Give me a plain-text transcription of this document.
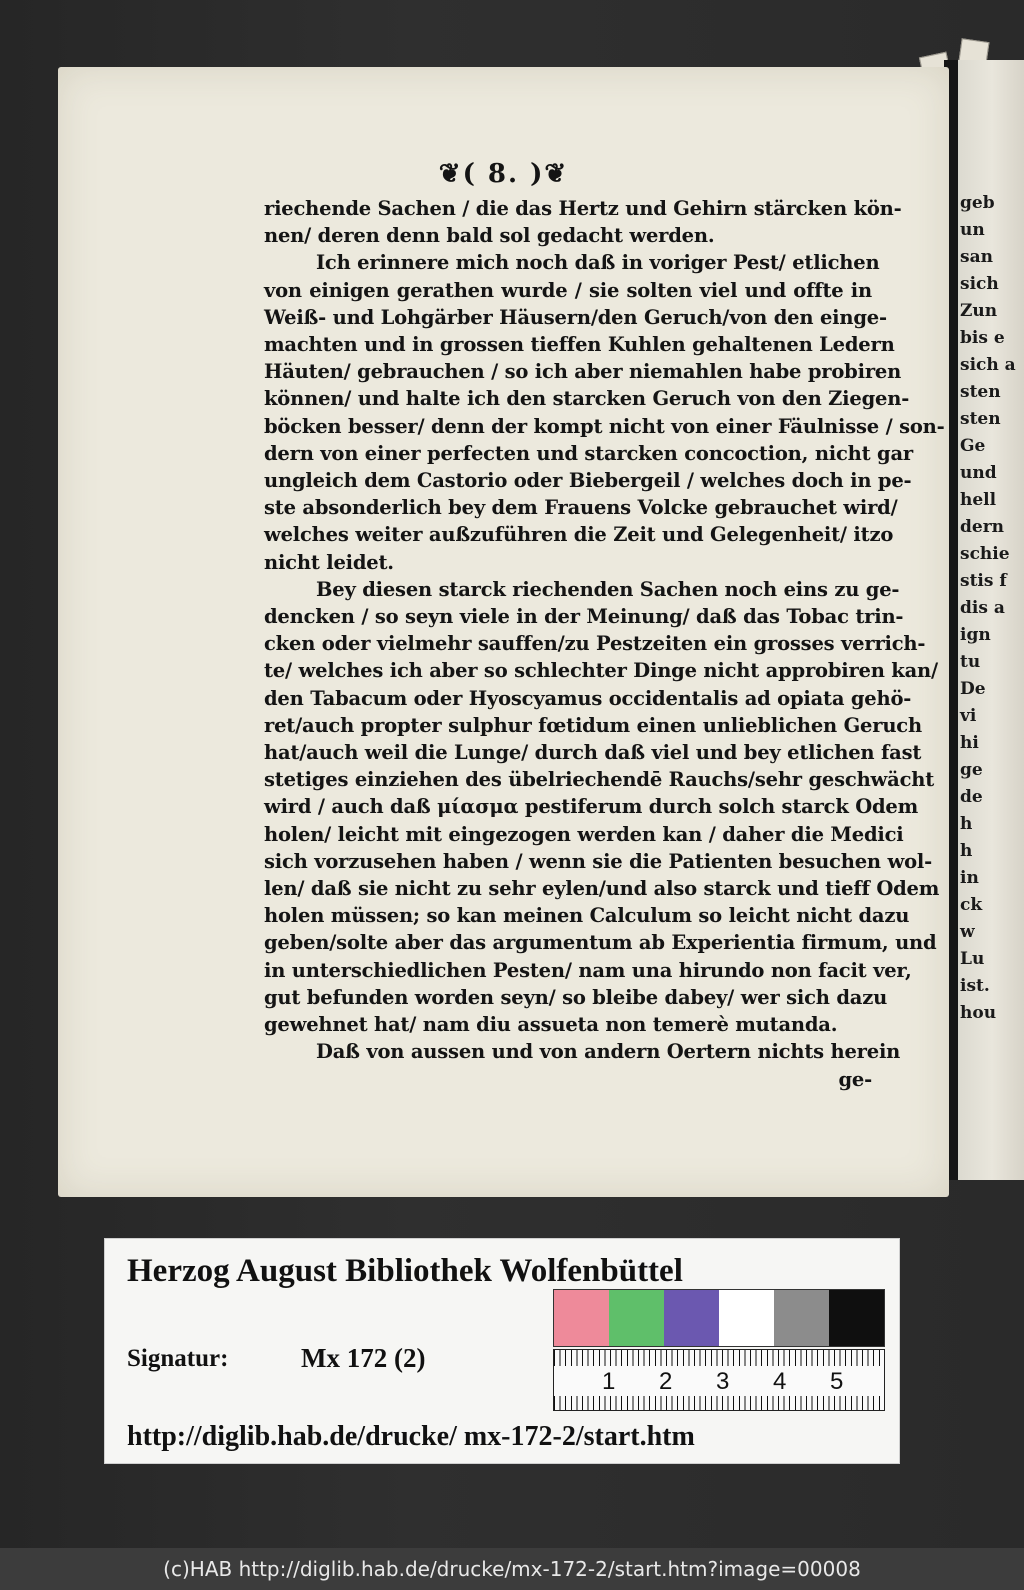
geb
un
san
sich
Zun
bis e
sich a
sten
sten
Ge
und
hell
dern
schie
stis f
dis a
ign
tu
De
vi
hi
ge
de
h
h
in
ck
w
Lu
ist.
hou
❦( 8. )❦
riechende Sachen / die das Hertz und Gehirn stärcken kön-
nen/ deren denn bald sol gedacht werden.
Ich erinnere mich noch daß in voriger Pest/ etlichen
von einigen gerathen wurde / sie solten viel und offte in
Weiß- und Lohgärber Häusern/den Geruch/von den einge-
machten und in grossen tieffen Kuhlen gehaltenen Ledern
Häuten/ gebrauchen / so ich aber niemahlen habe probiren
können/ und halte ich den starcken Geruch von den Ziegen-
böcken besser/ denn der kompt nicht von einer Fäulnisse / son-
dern von einer perfecten und starcken concoction, nicht gar
ungleich dem Castorio oder Biebergeil / welches doch in pe-
ste absonderlich bey dem Frauens Volcke gebrauchet wird/
welches weiter außzuführen die Zeit und Gelegenheit/ itzo
nicht leidet.
Bey diesen starck riechenden Sachen noch eins zu ge-
dencken / so seyn viele in der Meinung/ daß das Tobac trin-
cken oder vielmehr sauffen/zu Pestzeiten ein grosses verrich-
te/ welches ich aber so schlechter Dinge nicht approbiren kan/
den Tabacum oder Hyoscyamus occidentalis ad opiata gehö-
ret/auch propter sulphur fœtidum einen unlieblichen Geruch
hat/auch weil die Lunge/ durch daß viel und bey etlichen fast
stetiges einziehen des übelriechendē Rauchs/sehr geschwächt
wird / auch daß μίασμα pestiferum durch solch starck Odem
holen/ leicht mit eingezogen werden kan / daher die Medici
sich vorzusehen haben / wenn sie die Patienten besuchen wol-
len/ daß sie nicht zu sehr eylen/und also starck und tieff Odem
holen müssen; so kan meinen Calculum so leicht nicht dazu
geben/solte aber das argumentum ab Experientia firmum, und
in unterschiedlichen Pesten/ nam una hirundo non facit ver,
gut befunden worden seyn/ so bleibe dabey/ wer sich dazu
gewehnet hat/ nam diu assueta non temerè mutanda.
Daß von aussen und von andern Oertern nichts herein
ge-
Herzog August Bibliothek Wolfenbüttel
1 2 3 4 5
Signatur:	Mx 172 (2)
http://diglib.hab.de/drucke/ mx-172-2/start.htm
(c)HAB http://diglib.hab.de/drucke/mx-172-2/start.htm?image=00008
